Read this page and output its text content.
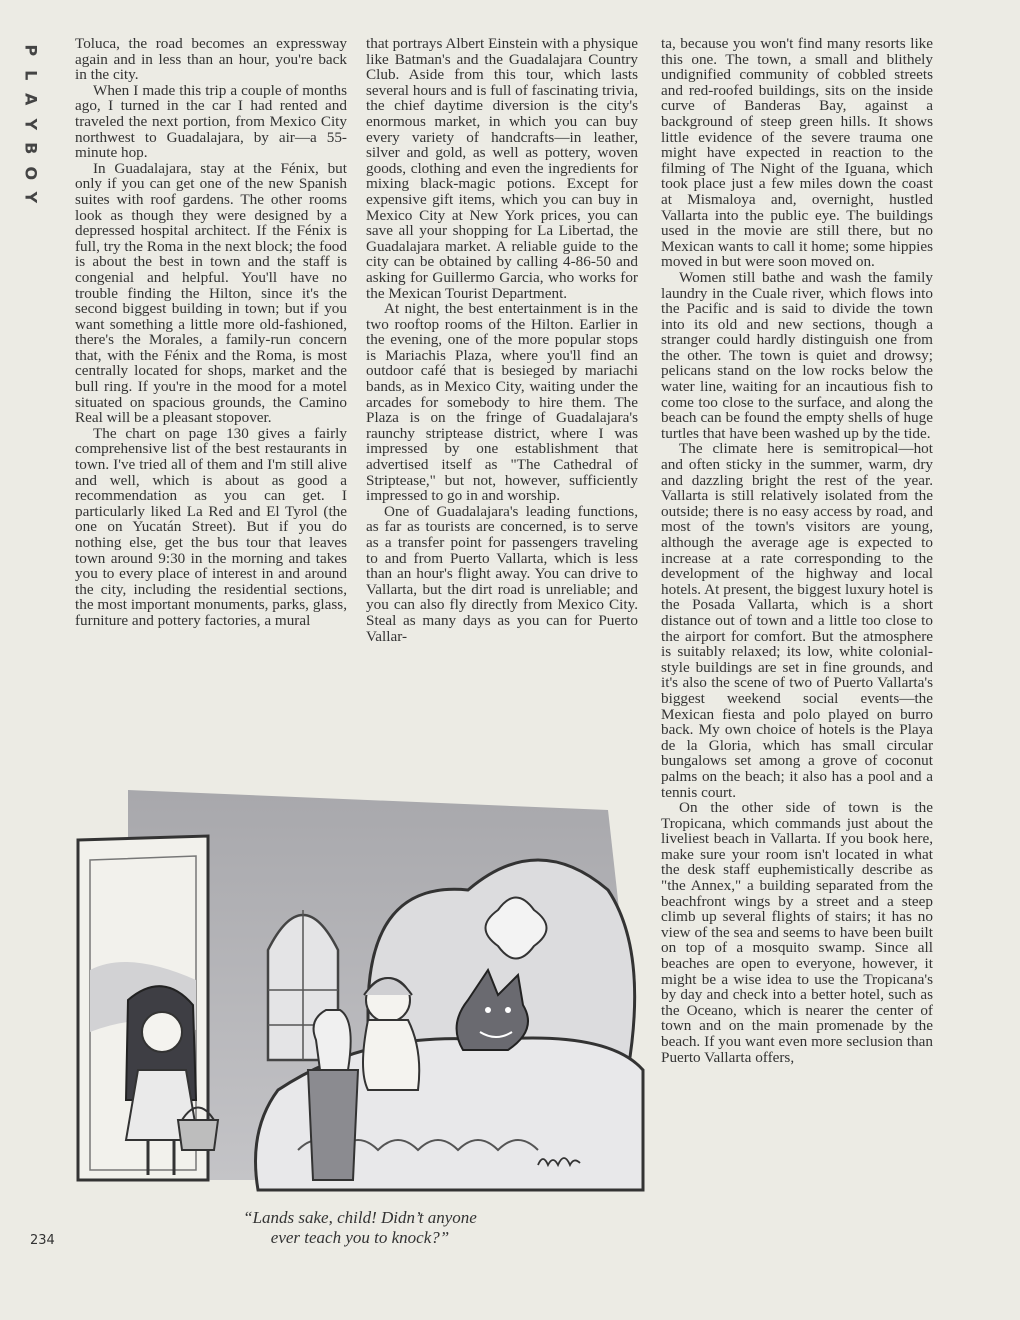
P
L
A
Y
B
O
Y

Toluca, the road becomes an expressway again and in less than an hour, you're back in the city.

When I made this trip a couple of months ago, I turned in the car I had rented and traveled the next portion, from Mexico City northwest to Guadalajara, by air—a 55-minute hop.

In Guadalajara, stay at the Fénix, but only if you can get one of the new Spanish suites with roof gardens. The other rooms look as though they were designed by a depressed hospital architect. If the Fénix is full, try the Roma in the next block; the food is about the best in town and the staff is congenial and helpful. You'll have no trouble finding the Hilton, since it's the second biggest building in town; but if you want something a little more old-fashioned, there's the Morales, a family-run concern that, with the Fénix and the Roma, is most centrally located for shops, market and the bull ring. If you're in the mood for a motel situated on spacious grounds, the Camino Real will be a pleasant stopover.

The chart on page 130 gives a fairly comprehensive list of the best restaurants in town. I've tried all of them and I'm still alive and well, which is about as good a recommendation as you can get. I particularly liked La Red and El Tyrol (the one on Yucatán Street). But if you do nothing else, get the bus tour that leaves town around 9:30 in the morning and takes you to every place of interest in and around the city, including the residential sections, the most important monuments, parks, glass, furniture and pottery factories, a mural

that portrays Albert Einstein with a physique like Batman's and the Guadalajara Country Club. Aside from this tour, which lasts several hours and is full of fascinating trivia, the chief daytime diversion is the city's enormous market, in which you can buy every variety of handcrafts—in leather, silver and gold, as well as pottery, woven goods, clothing and even the ingredients for mixing black-magic potions. Except for expensive gift items, which you can buy in Mexico City at New York prices, you can save all your shopping for La Libertad, the Guadalajara market. A reliable guide to the city can be obtained by calling 4-86-50 and asking for Guillermo Garcia, who works for the Mexican Tourist Department.

At night, the best entertainment is in the two rooftop rooms of the Hilton. Earlier in the evening, one of the more popular stops is Mariachis Plaza, where you'll find an outdoor café that is besieged by mariachi bands, as in Mexico City, waiting under the arcades for somebody to hire them. The Plaza is on the fringe of Guadalajara's raunchy striptease district, where I was impressed by one establishment that advertised itself as "The Cathedral of Striptease," but not, however, sufficiently impressed to go in and worship.

One of Guadalajara's leading functions, as far as tourists are concerned, is to serve as a transfer point for passengers traveling to and from Puerto Vallarta, which is less than an hour's flight away. You can drive to Vallarta, but the dirt road is unreliable; and you can also fly directly from Mexico City. Steal as many days as you can for Puerto Vallar-

ta, because you won't find many resorts like this one. The town, a small and blithely undignified community of cobbled streets and red-roofed buildings, sits on the inside curve of Banderas Bay, against a background of steep green hills. It shows little evidence of the severe trauma one might have expected in reaction to the filming of The Night of the Iguana, which took place just a few miles down the coast at Mismaloya and, overnight, hustled Vallarta into the public eye. The buildings used in the movie are still there, but no Mexican wants to call it home; some hippies moved in but were soon moved on.

Women still bathe and wash the family laundry in the Cuale river, which flows into the Pacific and is said to divide the town into its old and new sections, though a stranger could hardly distinguish one from the other. The town is quiet and drowsy; pelicans stand on the low rocks below the water line, waiting for an incautious fish to come too close to the surface, and along the beach can be found the empty shells of huge turtles that have been washed up by the tide.

The climate here is semitropical—hot and often sticky in the summer, warm, dry and dazzling bright the rest of the year. Vallarta is still relatively isolated from the outside; there is no easy access by road, and most of the town's visitors are young, although the average age is expected to increase at a rate corresponding to the development of the highway and local hotels. At present, the biggest luxury hotel is the Posada Vallarta, which is a short distance out of town and a little too close to the airport for comfort. But the atmosphere is suitably relaxed; its low, white colonial-style buildings are set in fine grounds, and it's also the scene of two of Puerto Vallarta's biggest weekend social events—the Mexican fiesta and polo played on burro back. My own choice of hotels is the Playa de la Gloria, which has small circular bungalows set among a grove of coconut palms on the beach; it also has a pool and a tennis court.

On the other side of town is the Tropicana, which commands just about the liveliest beach in Vallarta. If you book here, make sure your room isn't located in what the desk staff euphemistically describe as "the Annex," a building separated from the beachfront wings by a street and a steep climb up several flights of stairs; it has no view of the sea and seems to have been built on top of a mosquito swamp. Since all beaches are open to everyone, however, it might be a wise idea to use the Tropicana's by day and check into a better hotel, such as the Oceano, which is nearer the center of town and on the main promenade by the beach. If you want even more seclusion than Puerto Vallarta offers,

“Lands sake, child! Didn’t anyone
ever teach you to knock?”
234
